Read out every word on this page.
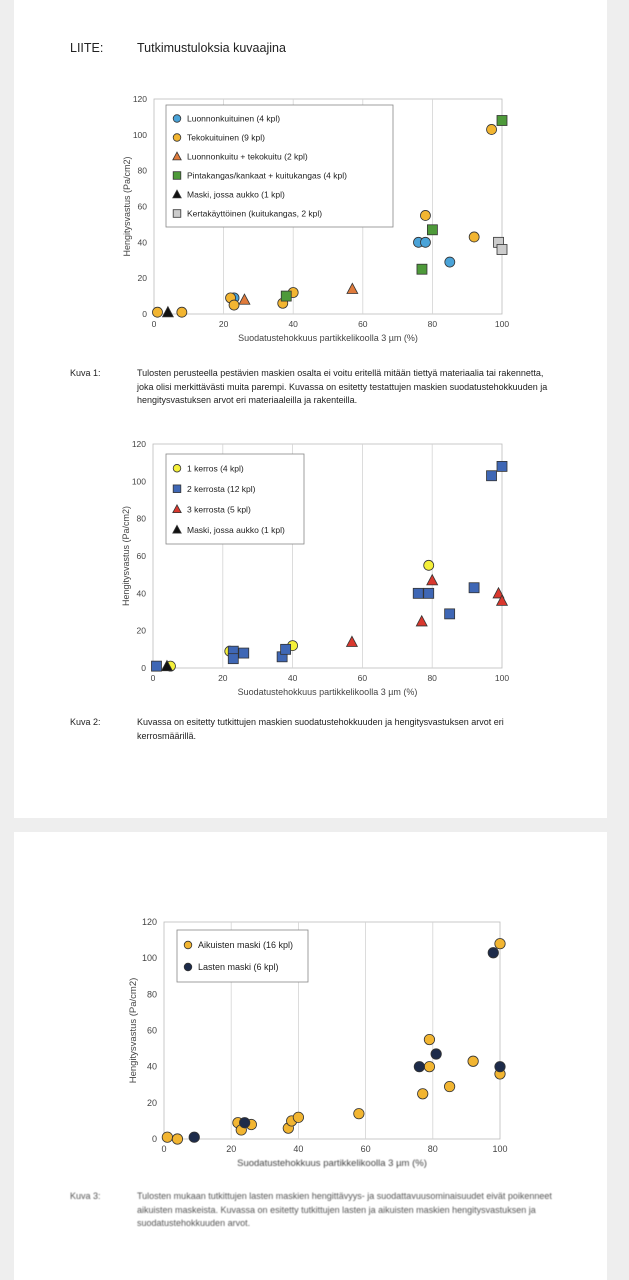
LIITE:	Tutkimustuloksia kuvaajina
0	20	40	60	80	100
0
20
40
60
80
100
120
Suodatustehokkuus partikkelikoolla 3 µm (%)
Hengitysvastus (Pa/cm2)
Luonnonkuituinen (4 kpl)
Tekokuituinen (9 kpl)
Luonnonkuitu + tekokuitu (2 kpl)
Pintakangas/kankaat + kuitukangas (4 kpl)
Maski, jossa aukko (1 kpl)
Kertakäyttöinen (kuitukangas, 2 kpl)
Kuva 1:	Tulosten perusteella pestävien maskien osalta ei voitu eritellä mitään tiettyä materiaalia tai rakennetta, joka olisi merkittävästi muita parempi. Kuvassa on esitetty testattujen maskien suodatustehokkuuden ja hengitysvastuksen arvot eri materiaaleilla ja rakenteilla.
0	20	40	60	80	100
0
20
40
60
80
100
120
Suodatustehokkuus partikkelikoolla 3 µm (%)
Hengitysvastus (Pa/cm2)
1 kerros (4 kpl)
2 kerrosta (12 kpl)
3 kerrosta (5 kpl)
Maski, jossa aukko (1 kpl)
Kuva 2:	Kuvassa on esitetty tutkittujen maskien suodatustehokkuuden ja hengitysvastuksen arvot eri kerrosmäärillä.
0	20	40	60	80	100
0
20
40
60
80
100
120
Suodatustehokkuus partikkelikoolla 3 µm (%)
Hengitysvastus (Pa/cm2)
Aikuisten maski (16 kpl)
Lasten maski (6 kpl)
Kuva 3:	Tulosten mukaan tutkittujen lasten maskien hengittävyys- ja suodattavuusominaisuudet eivät poikenneet aikuisten maskeista. Kuvassa on esitetty tutkittujen lasten ja aikuisten maskien hengitysvastuksen ja suodatustehokkuuden arvot.
